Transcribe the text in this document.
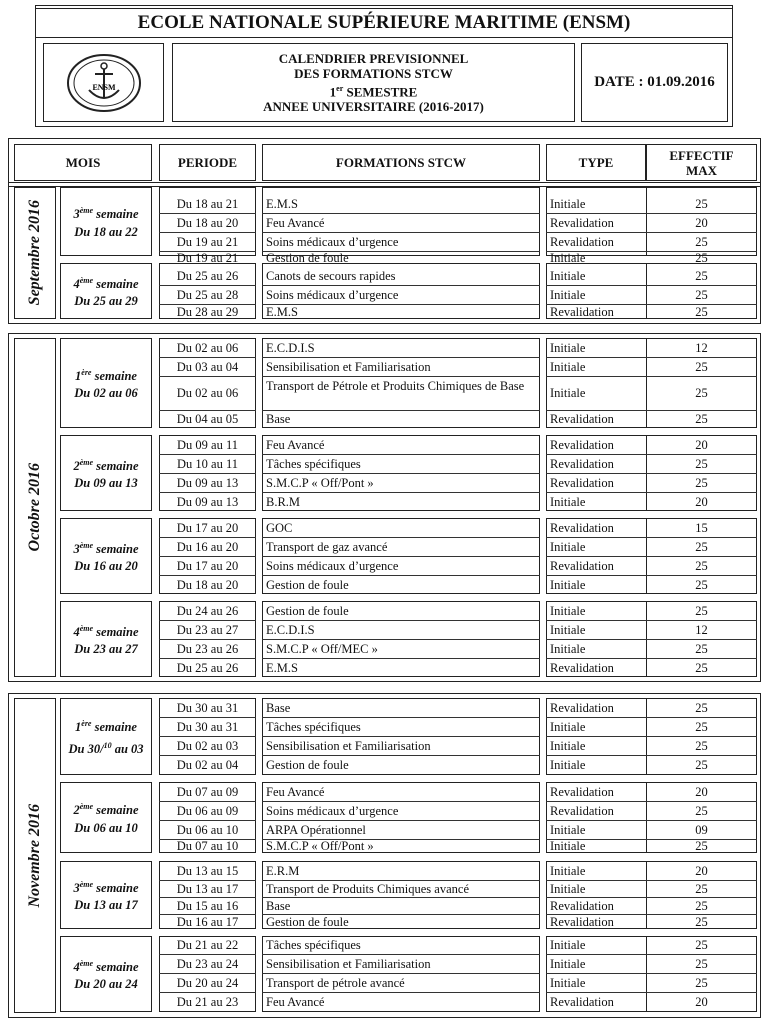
ECOLE NATIONALE SUPÉRIEURE MARITIME (ENSM)
ENSM
CALENDRIER PREVISIONNEL
DES FORMATIONS STCW
1er SEMESTRE
ANNEE UNIVERSITAIRE (2016-2017)
DATE : 01.09.2016
MOIS	PERIODE	FORMATIONS STCW	TYPE	EFFECTIF MAX
Septembre 2016 3ème semaine
Du 18 au 22
Du 18 au 21	E.M.S	Initiale	25
Du 18 au 20	Feu Avancé	Revalidation	20
Du 19 au 21	Soins médicaux d’urgence	Revalidation	25
Du 19 au 21	Gestion de foule	Initiale	25
4ème semaine
Du 25 au 29
Du 25 au 26	Canots de secours rapides	Initiale	25
Du 25 au 28	Soins médicaux d’urgence	Initiale	25
Du 28 au 29	E.M.S	Revalidation	25
Octobre 2016
1ère semaine
Du 02 au 06
Du 02 au 06	E.C.D.I.S	Initiale	12
Du 03 au 04	Sensibilisation et Familiarisation	Initiale	25
Du 02 au 06	Transport de Pétrole et Produits Chimiques de Base	Initiale	25
Du 04 au 05	Base	Revalidation	25
2ème semaine
Du 09 au 13
Du 09 au 11	Feu Avancé	Revalidation	20
Du 10 au 11	Tâches spécifiques	Revalidation	25
Du 09 au 13	S.M.C.P « Off/Pont »	Revalidation	25
Du 09 au 13	B.R.M	Initiale	20
3ème semaine
Du 16 au 20
Du 17 au 20	GOC	Revalidation	15
Du 16 au 20	Transport de gaz avancé	Initiale	25
Du 17 au 20	Soins médicaux d’urgence	Revalidation	25
Du 18 au 20	Gestion de foule	Initiale	25
4ème semaine
Du 23 au 27
Du 24 au 26	Gestion de foule	Initiale	25
Du 23 au 27	E.C.D.I.S	Initiale	12
Du 23 au 26	S.M.C.P « Off/MEC »	Initiale	25
Du 25 au 26	E.M.S	Revalidation	25
Novembre 2016
1ère semaine
Du 30/$^{10}$ au 03
Du 30 au 31	Base	Revalidation	25
Du 30 au 31	Tâches spécifiques	Initiale	25
Du 02 au 03	Sensibilisation et Familiarisation	Initiale	25
Du 02 au 04	Gestion de foule	Initiale	25
2ème semaine
Du 06 au 10
Du 07 au 09	Feu Avancé	Revalidation	20
Du 06 au 09	Soins médicaux d’urgence	Revalidation	25
Du 06 au 10	ARPA Opérationnel	Initiale	09
Du 07 au 10	S.M.C.P « Off/Pont »	Initiale	25
3ème semaine
Du 13 au 17
Du 13 au 15	E.R.M	Initiale	20
Du 13 au 17	Transport de Produits Chimiques avancé	Initiale	25
Du 15 au 16	Base	Revalidation	25
Du 16 au 17	Gestion de foule	Revalidation	25
4ème semaine
Du 20 au 24
Du 21 au 22	Tâches spécifiques	Initiale	25
Du 23 au 24	Sensibilisation et Familiarisation	Initiale	25
Du 20 au 24	Transport de pétrole avancé	Initiale	25
Du 21 au 23	Feu Avancé	Revalidation	20
